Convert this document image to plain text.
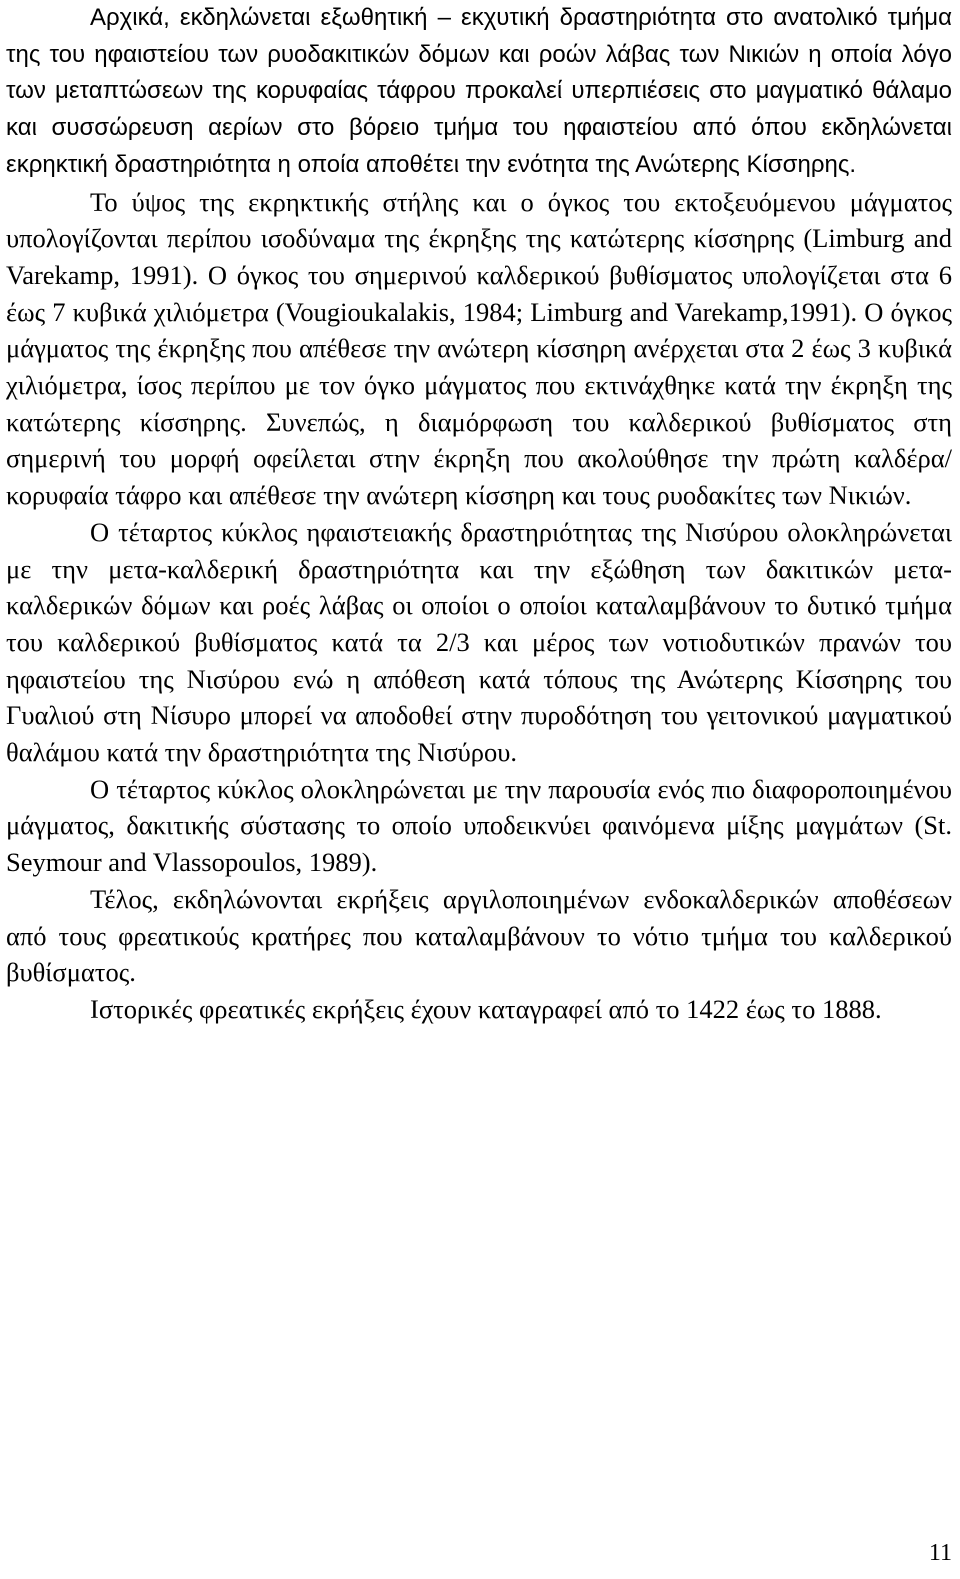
Αρχικά, εκδηλώνεται εξωθητική – εκχυτική δραστηριότητα στο ανατολικό τμήμα της του ηφαιστείου των ρυοδακιτικών δόμων και ροών λάβας των Νικιών η οποία λόγο των μεταπτώσεων της κορυφαίας τάφρου προκαλεί υπερπιέσεις στο μαγματικό θάλαμο και συσσώρευση αερίων στο βόρειο τμήμα του ηφαιστείου από όπου εκδηλώνεται εκρηκτική δραστηριότητα η οποία αποθέτει την ενότητα της Ανώτερης Κίσσηρης.

Το ύψος της εκρηκτικής στήλης και ο όγκος του εκτοξευόμενου μάγματος υπολογίζονται περίπου ισοδύναμα της έκρηξης της κατώτερης κίσσηρης (Limburg and Varekamp, 1991). Ο όγκος του σημερινού καλδερικού βυθίσματος υπολογίζεται στα 6 έως 7 κυβικά χιλιόμετρα (Vougioukalakis, 1984; Limburg and Varekamp,1991). Ο όγκος μάγματος της έκρηξης που απέθεσε την ανώτερη κίσσηρη ανέρχεται στα 2 έως 3 κυβικά χιλιόμετρα, ίσος περίπου με τον όγκο μάγματος που εκτινάχθηκε κατά την έκρηξη της κατώτερης κίσσηρης. Συνεπώς, η διαμόρφωση του καλδερικού βυθίσματος στη σημερινή του μορφή οφείλεται στην έκρηξη που ακολούθησε την πρώτη καλδέρα/κορυφαία τάφρο και απέθεσε την ανώτερη κίσσηρη και τους ρυοδακίτες των Νικιών.

Ο τέταρτος κύκλος ηφαιστειακής δραστηριότητας της Νισύρου ολοκληρώνεται με την μετα-καλδερική δραστηριότητα και την εξώθηση των δακιτικών μετα-καλδερικών δόμων και ροές λάβας οι οποίοι ο οποίοι καταλαμβάνουν το δυτικό τμήμα του καλδερικού βυθίσματος κατά τα 2/3 και μέρος των νοτιοδυτικών πρανών του ηφαιστείου της Νισύρου ενώ η απόθεση κατά τόπους της Ανώτερης Κίσσηρης του Γυαλιού στη Νίσυρο μπορεί να αποδοθεί στην πυροδότηση του γειτονικού μαγματικού θαλάμου κατά την δραστηριότητα της Νισύρου.

Ο τέταρτος κύκλος ολοκληρώνεται με την παρουσία ενός πιο διαφοροποιημένου μάγματος, δακιτικής σύστασης το οποίο υποδεικνύει φαινόμενα μίξης μαγμάτων (St. Seymour and Vlassopoulos, 1989).

Τέλος, εκδηλώνονται εκρήξεις αργιλοποιημένων ενδοκαλδερικών αποθέσεων από τους φρεατικούς κρατήρες που καταλαμβάνουν το νότιο τμήμα του καλδερικού βυθίσματος.

Ιστορικές φρεατικές εκρήξεις έχουν καταγραφεί από το 1422 έως το 1888.

11
